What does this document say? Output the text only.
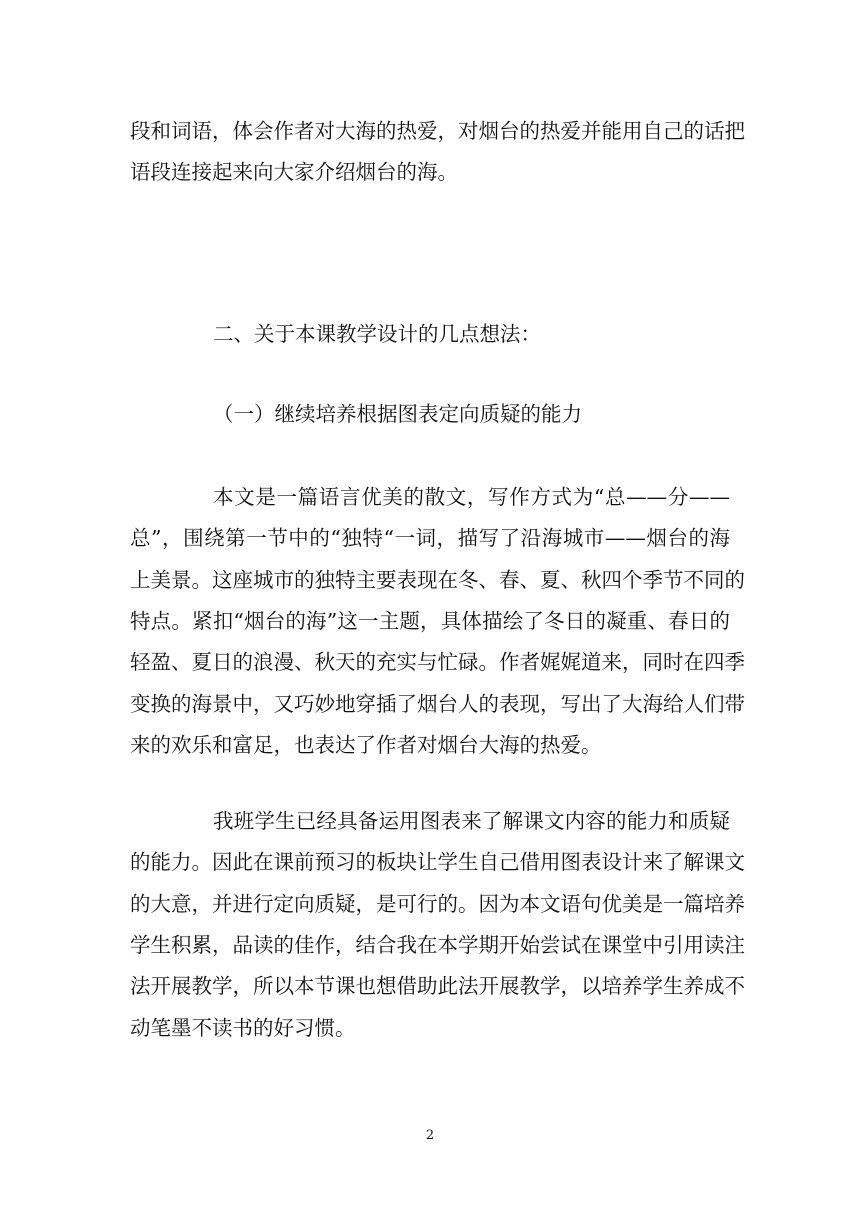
段和词语，体会作者对大海的热爱，对烟台的热爱并能用自己的话把
语段连接起来向大家介绍烟台的海。
二、关于本课教学设计的几点想法：
（一）继续培养根据图表定向质疑的能力
本文是一篇语言优美的散文，写作方式为“总——分——
总”，围绕第一节中的“独特“一词，描写了沿海城市——烟台的海
上美景。这座城市的独特主要表现在冬、春、夏、秋四个季节不同的
特点。紧扣“烟台的海”这一主题，具体描绘了冬日的凝重、春日的
轻盈、夏日的浪漫、秋天的充实与忙碌。作者娓娓道来，同时在四季
变换的海景中，又巧妙地穿插了烟台人的表现，写出了大海给人们带
来的欢乐和富足，也表达了作者对烟台大海的热爱。
我班学生已经具备运用图表来了解课文内容的能力和质疑
的能力。因此在课前预习的板块让学生自己借用图表设计来了解课文
的大意，并进行定向质疑，是可行的。因为本文语句优美是一篇培养
学生积累，品读的佳作，结合我在本学期开始尝试在课堂中引用读注
法开展教学，所以本节课也想借助此法开展教学，以培养学生养成不
动笔墨不读书的好习惯。
2
